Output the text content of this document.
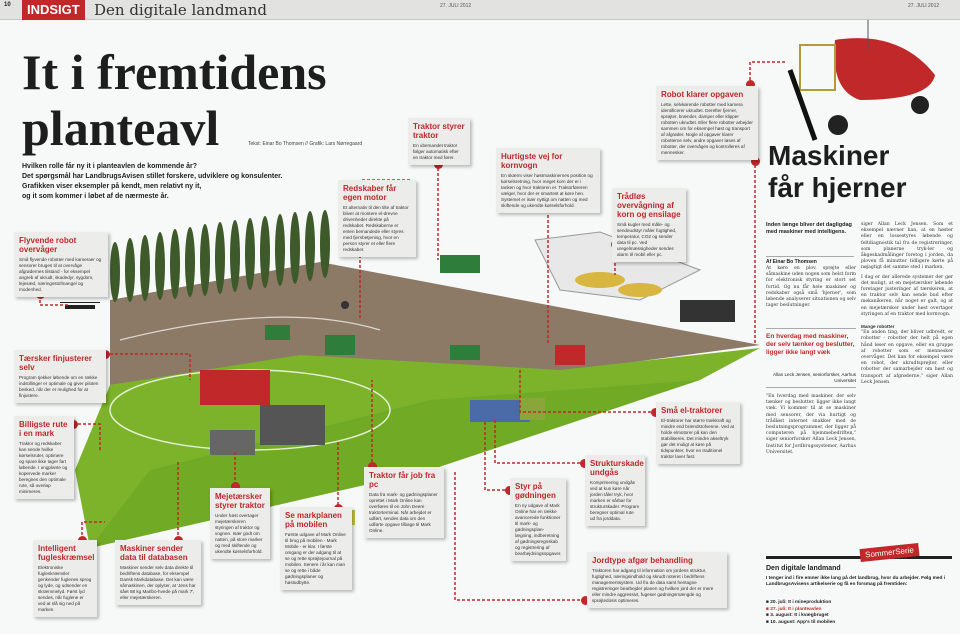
10	INDSIGT Den digitale landmand	27. JULI 2012	27. JULI 2012
It i fremtidens
planteavl	Tekst: Einar Bo Thomsen // Grafik: Lars Nørregaard
Hvilken rolle får ny it i planteavlen de kommende år?
Det spørgsmål har LandbrugsAvisen stillet forskere, udviklere og konsulenter.
Grafikken viser eksempler på kendt, men relativt ny it,
og it som kommer i løbet af de nærmeste år.
Flyvende robot overvåger

Små flyvende robotter med kameraer og sensorer bruges til at overvåge afgrødernes tilstand - for eksempel angreb af ukrudt, skadedyr, sygdom, lejesæd, næringsstofmangel og modenhed.

Tærsker finjusterer selv

Program tjekker løbende om en række indstillinger er optimale og giver piloten besked, når der er mulighed for at finjustere.

Billigste rute i en mark

Traktor og redskaber kan sende hvilke kørselsruter, optimere og spare ikke tager fart løbende. I ungplante og kopervede marker beregnes den optimale rute, så overlap minimeres.

Intelligent fugleskræmsel

Elektroniske fugleskræmsler genkender fuglenes sprog og lyde, og udsender en skræmmelyd. Først lyd sendes, når fuglene er ved at slå sig ned på marken.

Maskiner sender data til databasen

Maskiner sender selv data direkte til bedriftens database, for eksempel Dansk Markdatabase. Det kan være såmaskinen, der oplyser, at 'Jens har sået 88 kg Maribo-hvede på mark 7', eller mejetærskeren.

Mejetærsker styrer traktor

Under høst overtager mejetærskeren styringen af traktor og vognen. Især godt om natten, på store marker og med skiftende og ukendte kørselsforhold.

Se markplanen på mobilen

Første udgave af Mark Online til brug på mobilen - Mark Mobile - er klar. I første omgang er der adgang til at se og rette sprøjtejournal på mobilen. Senere i år kan man se og rette i både gødningsplaner og høstudbytte.

Traktor får job fra pc

Data fra mark- og gødningsplaner oprettet i Mark Online kan overføres til en John Deere traktorterminal. Når arbejdet er udført, sendes data om den udførte opgave tilbage til Mark Online.

Styr på gødningen

En ny udgave af Mark Online har en række avancerede funktioner til mark- og gødningsplan-lægning, indberetning af gødningsregnskab og registrering af bearbejdningsopgaver.

Strukturskade undgås

Komprimering undgås ved at kun køre når jorden tåler tryk, hvor marken er sårbar for strukturskader. Program beregner optimal rute ud fra jorddata.

Små el-traktorer

El-traktorer har større trækkraft og mindre end brændstofvenne. Ved at holde elmotorer på kan den stabiliseres. Det mindre akseltryk gør det muligt at køre på tidspunkter, hvor en traditionel traktor laver fast.

Jordtype afgør behandling

Traktoren har adgang til information om jordens struktur, fugtighed, næringsindhold og skrudt noteret i bedriftens managementsystem. Ud fra de data samt hentagne registreringer bearbejder planen og hvilken jord der er mere eller mindre aggressivt, fugeser gødningsmængde og sprøjtedosis optimeres.

Redskaber får egen motor

Et alternativ til den tilte af traktor bliver at montere el-drevne drivenheder direkte på redskabet. Redskaberne er enten bemandede eller styres med fjernbetjening, hvor en person styrer et eller flere redskaber.

Traktor styrer traktor

En ubemandet traktor følger automatisk efter en traktor med fører.	Hurtigste vej for kornvogn

En skærm viser høstmaskinernes position og kørselsretning, hvor meget korn der er i tanken og hvor traktoren er. Traktorføreren vælger, hvor der er smartest at køre hen. Systemet er især nyttigt om natten og med skiftende og ukendte kørselsforhold.

Trådløs overvågning af korn og ensilage

Små kugler med måle- og sendeudstyr måler fugtighed, temperatur, CO2 og sender data til pc. Ved uregelmæssigheder sendes alarm til mobil eller pc.

Robot klarer opgaven

Lette, selvkørende robotter med kamera identificerer ukrudtet. Derefter fjerner, sprøjter, brænder, damper eller klipper robotten ukrudtet. Eller flere robotter arbejder sammen om for eksempel høst og transport af afgrøder. Nogle af opgaver klarer robotterne selv, andre opgaver løses af robotter, der overvåges og kontrolleres af mennesker.	Maskiner
får hjerner
Inden længe bliver det dagligdag med maskiner med intelligens.
Af Einar Bo Thomsen
At køre en plov, sprøjte eller såmaskine uden nogen som helst form for elektronisk styring er stort set fortid. Og nu får hele maskiner og redskaber også små 'hjerner', som løbende analyserer situationen og selv tager beslutninger.
En hverdag med maskiner, der selv tænker og beslutter, ligger ikke langt væk
Allan Leck Jensen, seniorforsker, Aarhus Universitet
"En hverdag med maskiner, der selv tænker og beslutter, ligger ikke langt væk. Vi kommer til at se maskiner med sensorer, der via hurtigt og trådløst internet snakker med de beslutningsprogrammer, der ligger på computeren på bjemmebedriften," siger seniorforsker Allan Leck Jensen, Institut for Jordbrugssystemer, Aarhus Universitet.

siger Allan Leck Jensen. Som et eksempel nævner han, at en høster eller en lossestyres løbende og feltdiagnostik tal fra de registreringer, som planerne tryk-ler og åkgeskadmålinger foretog i jorden, da ploven få minutter tidligere kørte på nøjagtigt det samme sted i marken.

I dag er der allerede systemer der gør det muligt, at en mejetærsker løbende foretager justeringer af tærskeren, at en traktor selv kan sende bud efter mekanikeren, når noget er galt, og at en mejetærsker under høst overtager styringen af en traktor med kornvogn.

Mange robotter

"En anden ting, der bliver udbredt, er robotter - robotter der helt på egen hånd løser en opgave, eller en gruppe af robotter som er mennesker overvåger. Det kan for eksempel være en robot, der ukrudtsprøjter, eller robotter der samarbejder om høst og transport af afgrøderne," siger Allan Leck Jensen.

SommerSerie
Den digitale landmand
I tenger ind i fire emner ikke lang på det landbrug, hvor du arbejder. Følg med i LandbrugsAvisens artikelserie og få en forsmag på fremtiden:
■ 20. juli: It i mineproduktion
■ 27. juli: It i planteavlen
■ 3. august: It i kvægbruget
■ 10. august: App's til mobilen
